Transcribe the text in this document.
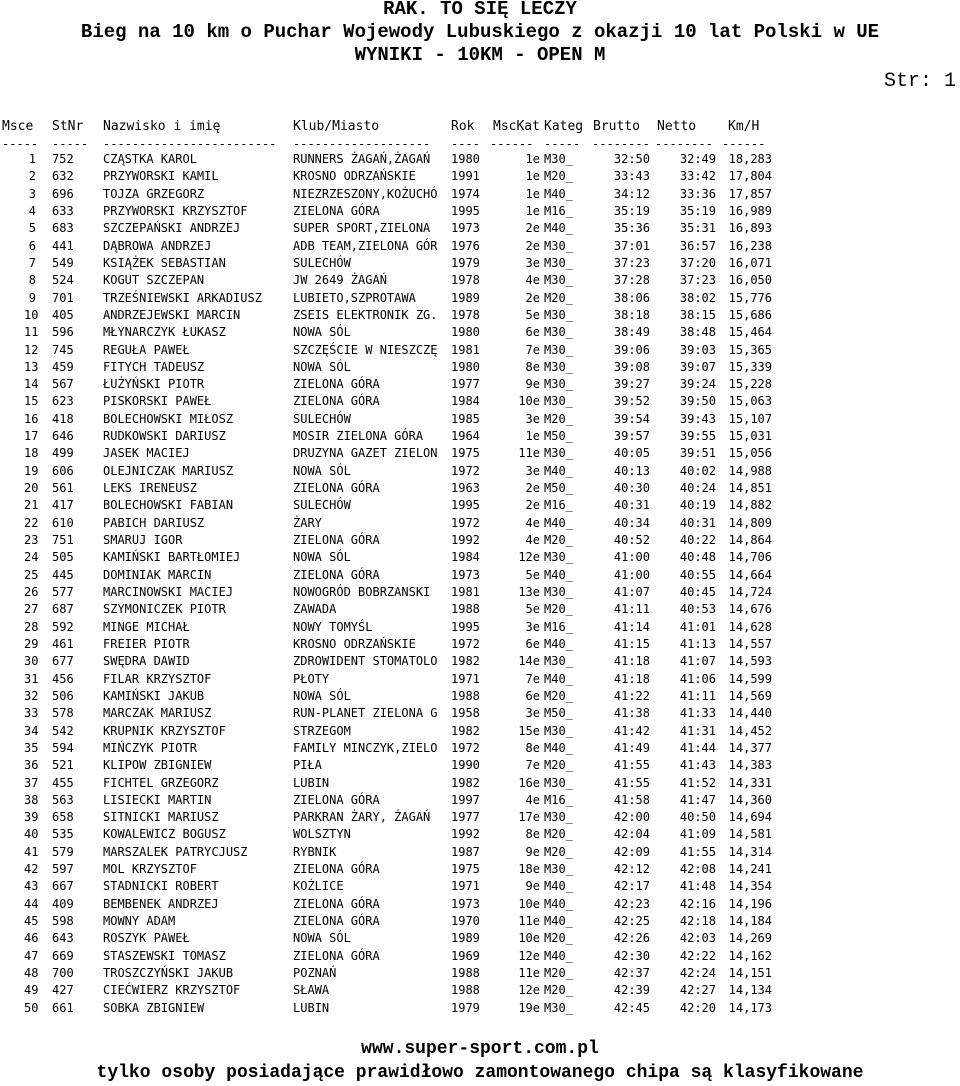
RAK. TO SIĘ LECZY
Bieg na 10 km o Puchar Wojewody Lubuskiego z okazji 10 lat Polski w UE
WYNIKI - 10KM - OPEN M
Str: 1
Msce StNr Nazwisko i imię	Klub/Miasto	Rok MscKat Kateg Brutto Netto Km/H
----- ----- ------------------------ ------------------- ---- ------ ----- -------- -------- ------
1 752 CZĄSTKA KAROL	RUNNERS ŻAGAŃ,ŻAGAŃ 1980	1e M30_	32:50	32:49	18,283
2 632 PRZYWORSKI KAMIL	KROSNO ODRZAŃSKIE	1991	1e M20_	33:43	33:42	17,804
3 696 TOJZA GRZEGORZ	NIEZRZESZONY,KOŻUCHÓ 1974	1e M40_	34:12	33:36	17,857
4 633 PRZYWORSKI KRZYSZTOF	ZIELONA GÓRA	1995	1e M16_	35:19	35:19	16,989
5 683 SZCZEPAŃSKI ANDRZEJ	SUPER SPORT,ZIELONA 1973	2e M40_	35:36	35:31	16,893
6 441 DĄBROWA ANDRZEJ	ADB TEAM,ZIELONA GÓR 1976	2e M30_	37:01	36:57	16,238
7 549 KSIĄŻEK SEBASTIAN	SULECHÓW	1979	3e M30_	37:23	37:20	16,071
8 524 KOGUT SZCZEPAN	JW 2649 ŻAGAŃ	1978	4e M30_	37:28	37:23	16,050
9 701 TRZEŚNIEWSKI ARKADIUSZ	LUBIETO,SZPROTAWA	1989	2e M20_	38:06	38:02	15,776
10 405 ANDRZEJEWSKI MARCIN	ZSEIS ELEKTRONIK ZG. 1978	5e M30_	38:18	38:15	15,686
11 596 MŁYNARCZYK ŁUKASZ	NOWA SÓL	1980	6e M30_	38:49	38:48	15,464
12 745 REGUŁA PAWEŁ	SZCZĘŚCIE W NIESZCZĘ 1981	7e M30_	39:06	39:03	15,365
13 459 FITYCH TADEUSZ	NOWA SÓL	1980	8e M30_	39:08	39:07	15,339
14 567 ŁUŻYŃSKI PIOTR	ZIELONA GÓRA	1977	9e M30_	39:27	39:24	15,228
15 623 PISKORSKI PAWEŁ	ZIELONA GÓRA	1984	10e M30_	39:52	39:50	15,063
16 418 BOLECHOWSKI MIŁOSZ	SULECHÓW	1985	3e M20_	39:54	39:43	15,107
17 646 RUDKOWSKI DARIUSZ	MOSIR ZIELONA GÓRA 1964	1e M50_	39:57	39:55	15,031
18 499 JASEK MACIEJ	DRUZYNA GAZET ZIELON 1975	11e M30_	40:05	39:51	15,056
19 606 OLEJNICZAK MARIUSZ	NOWA SÓL	1972	3e M40_	40:13	40:02	14,988
20 561 LEKS IRENEUSZ	ZIELONA GÓRA	1963	2e M50_	40:30	40:24	14,851
21 417 BOLECHOWSKI FABIAN	SULECHÓW	1995	2e M16_	40:31	40:19	14,882
22 610 PABICH DARIUSZ	ŻARY	1972	4e M40_	40:34	40:31	14,809
23 751 SMARUJ IGOR	ZIELONA GÓRA	1992	4e M20_	40:52	40:22	14,864
24 505 KAMIŃSKI BARTŁOMIEJ	NOWA SÓL	1984	12e M30_	41:00	40:48	14,706
25 445 DOMINIAK MARCIN	ZIELONA GÓRA	1973	5e M40_	41:00	40:55	14,664
26 577 MARCINOWSKI MACIEJ	NOWOGRÓD BOBRZANSKI 1981	13e M30_	41:07	40:45	14,724
27 687 SZYMONICZEK PIOTR	ZAWADA	1988	5e M20_	41:11	40:53	14,676
28 592 MINGE MICHAŁ	NOWY TOMYŚL	1995	3e M16_	41:14	41:01	14,628
29 461 FREIER PIOTR	KROSNO ODRZAŃSKIE	1972	6e M40_	41:15	41:13	14,557
30 677 SWĘDRA DAWID	ZDROWIDENT STOMATOLO 1982	14e M30_	41:18	41:07	14,593
31 456 FILAR KRZYSZTOF	PŁOTY	1971	7e M40_	41:18	41:06	14,599
32 506 KAMIŃSKI JAKUB	NOWA SÓL	1988	6e M20_	41:22	41:11	14,569
33 578 MARCZAK MARIUSZ	RUN-PLANET ZIELONA G 1958	3e M50_	41:38	41:33	14,440
34 542 KRUPNIK KRZYSZTOF	STRZEGOM	1982	15e M30_	41:42	41:31	14,452
35 594 MIŃCZYK PIOTR	FAMILY MINCZYK,ZIELO 1972	8e M40_	41:49	41:44	14,377
36 521 KLIPOW ZBIGNIEW	PIŁA	1990	7e M20_	41:55	41:43	14,383
37 455 FICHTEL GRZEGORZ	LUBIN	1982	16e M30_	41:55	41:52	14,331
38 563 LISIECKI MARTIN	ZIELONA GÓRA	1997	4e M16_	41:58	41:47	14,360
39 658 SITNICKI MARIUSZ	PARKRAN ŻARY, ŻAGAŃ 1977	17e M30_	42:00	40:50	14,694
40 535 KOWALEWICZ BOGUSZ	WOLSZTYN	1992	8e M20_	42:04	41:09	14,581
41 579 MARSZALEK PATRYCJUSZ	RYBNIK	1987	9e M20_	42:09	41:55	14,314
42 597 MOL KRZYSZTOF	ZIELONA GÓRA	1975	18e M30_	42:12	42:08	14,241
43 667 STADNICKI ROBERT	KOŹLICE	1971	9e M40_	42:17	41:48	14,354
44 409 BEMBENEK ANDRZEJ	ZIELONA GÓRA	1973	10e M40_	42:23	42:16	14,196
45 598 MOWNY ADAM	ZIELONA GÓRA	1970	11e M40_	42:25	42:18	14,184
46 643 ROSZYK PAWEŁ	NOWA SÓL	1989	10e M20_	42:26	42:03	14,269
47 669 STASZEWSKI TOMASZ	ZIELONA GÓRA	1969	12e M40_	42:30	42:22	14,162
48 700 TROSZCZYŃSKI JAKUB	POZNAŃ	1988	11e M20_	42:37	42:24	14,151
49 427 CIEĆWIERZ KRZYSZTOF	SŁAWA	1988	12e M20_	42:39	42:27	14,134
50 661 SOBKA ZBIGNIEW	LUBIN	1979	19e M30_	42:45	42:20	14,173
www.super-sport.com.pl
tylko osoby posiadające prawidłowo zamontowanego chipa są klasyfikowane
